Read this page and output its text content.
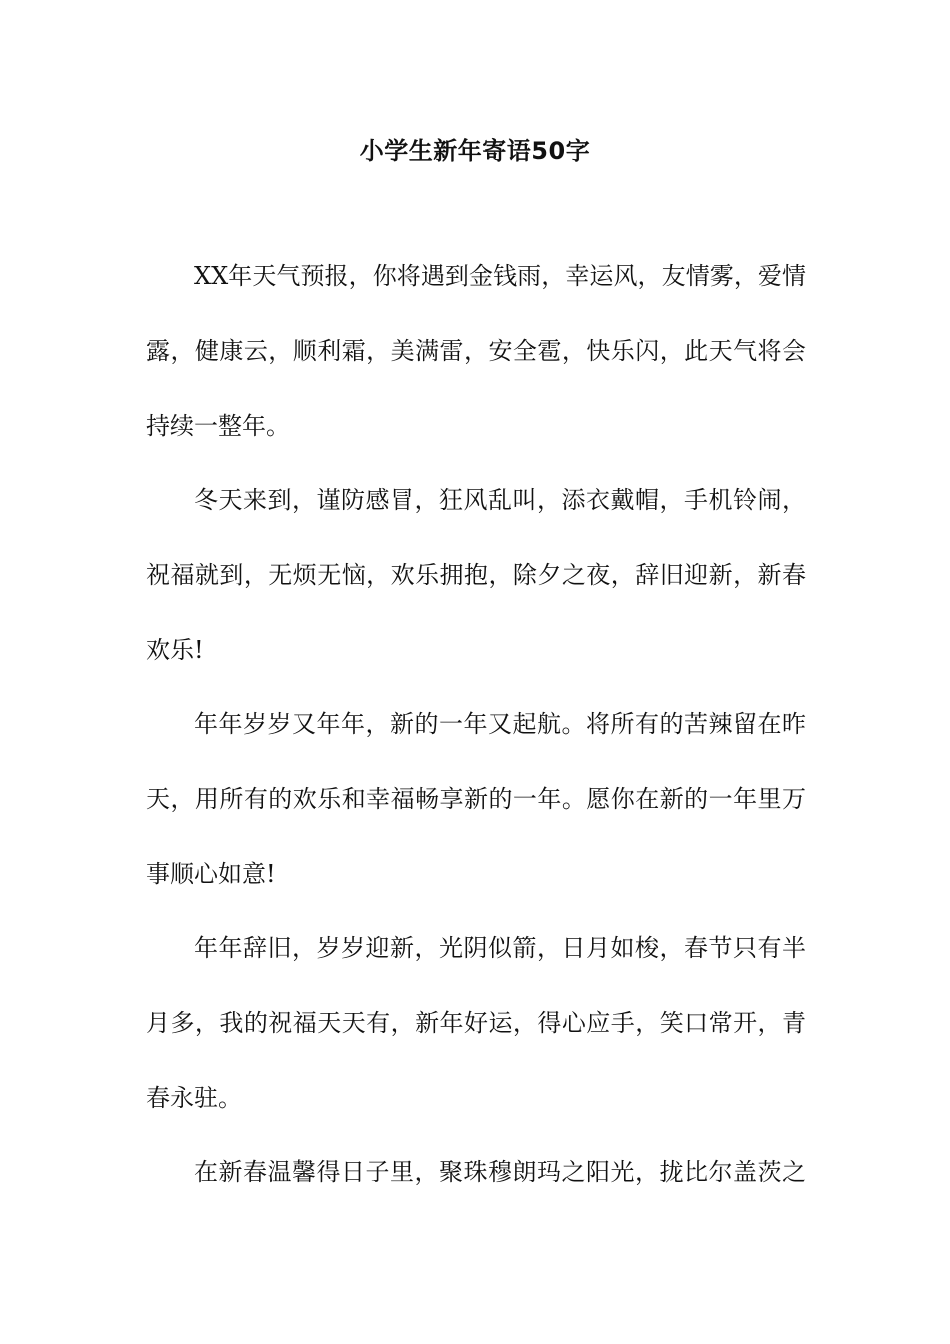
小学生新年寄语50字
XX年天气预报，你将遇到金钱雨，幸运风，友情雾，爱情
露，健康云，顺利霜，美满雷，安全雹，快乐闪，此天气将会
持续一整年。
冬天来到，谨防感冒，狂风乱叫，添衣戴帽，手机铃闹，
祝福就到，无烦无恼，欢乐拥抱，除夕之夜，辞旧迎新，新春
欢乐!
年年岁岁又年年，新的一年又起航。将所有的苦辣留在昨
天，用所有的欢乐和幸福畅享新的一年。愿你在新的一年里万
事顺心如意!
年年辞旧，岁岁迎新，光阴似箭，日月如梭，春节只有半
月多，我的祝福天天有，新年好运，得心应手，笑口常开，青
春永驻。
在新春温馨得日子里，聚珠穆朗玛之阳光，拢比尔盖茨之
